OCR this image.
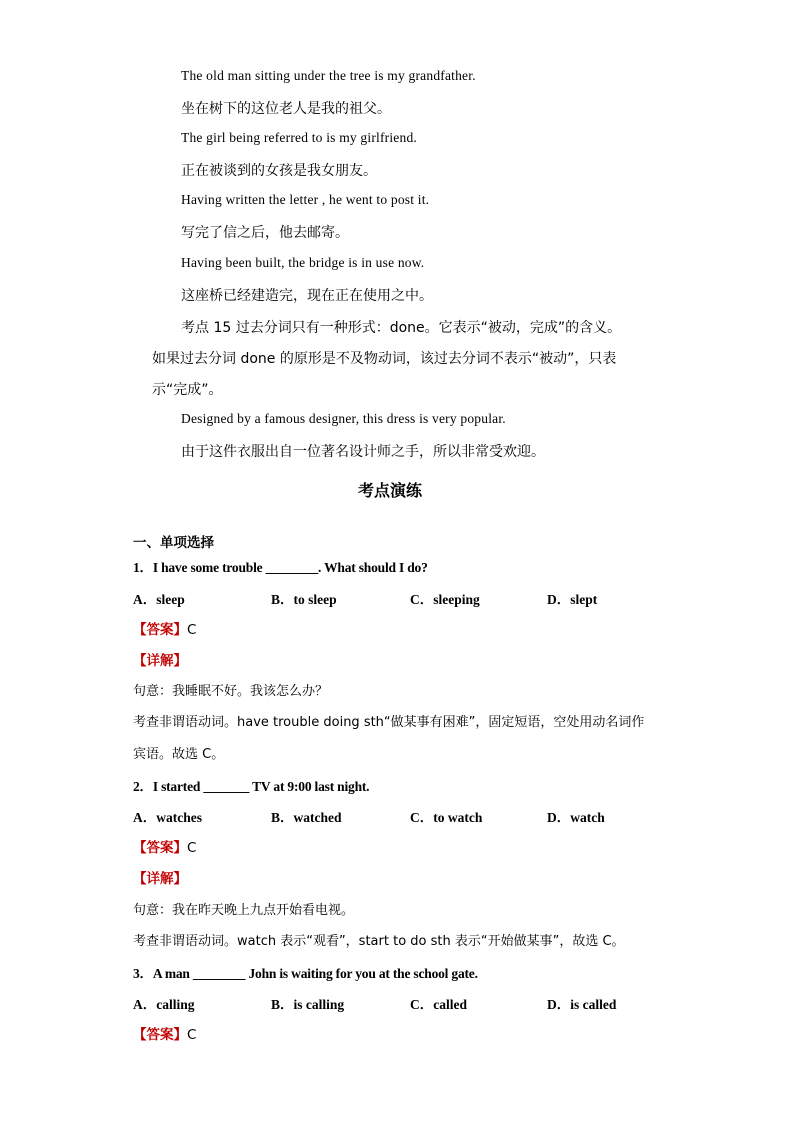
The old man sitting under the tree is my grandfather.
坐在树下的这位老人是我的祖父。
The girl being referred to is my girlfriend.
正在被谈到的女孩是我女朋友。
Having written the letter , he went to post it.
写完了信之后，他去邮寄。
Having been built, the bridge is in use now.
这座桥已经建造完，现在正在使用之中。
考点 15 过去分词只有一种形式：done。它表示“被动，完成”的含义。
如果过去分词 done 的原形是不及物动词，该过去分词不表示“被动”，只表
示“完成”。
Designed by a famous designer, this dress is very popular.
由于这件衣服出自一位著名设计师之手，所以非常受欢迎。
考点演练
一、单项选择
1．I have some trouble ________. What should I do?
A．sleep	B．to sleep	C．sleeping	D．slept
【答案】C
【详解】
句意：我睡眠不好。我该怎么办？
考查非谓语动词。have trouble doing sth“做某事有困难”，固定短语，空处用动名词作
宾语。故选 C。
2．I started _______ TV at 9:00 last night.
A．watches	B．watched	C．to watch	D．watch
【答案】C
【详解】
句意：我在昨天晚上九点开始看电视。
考查非谓语动词。watch 表示“观看”，start to do sth 表示“开始做某事”，故选 C。
3．A man ________ John is waiting for you at the school gate.
A．calling	B．is calling	C．called	D．is called
【答案】C
